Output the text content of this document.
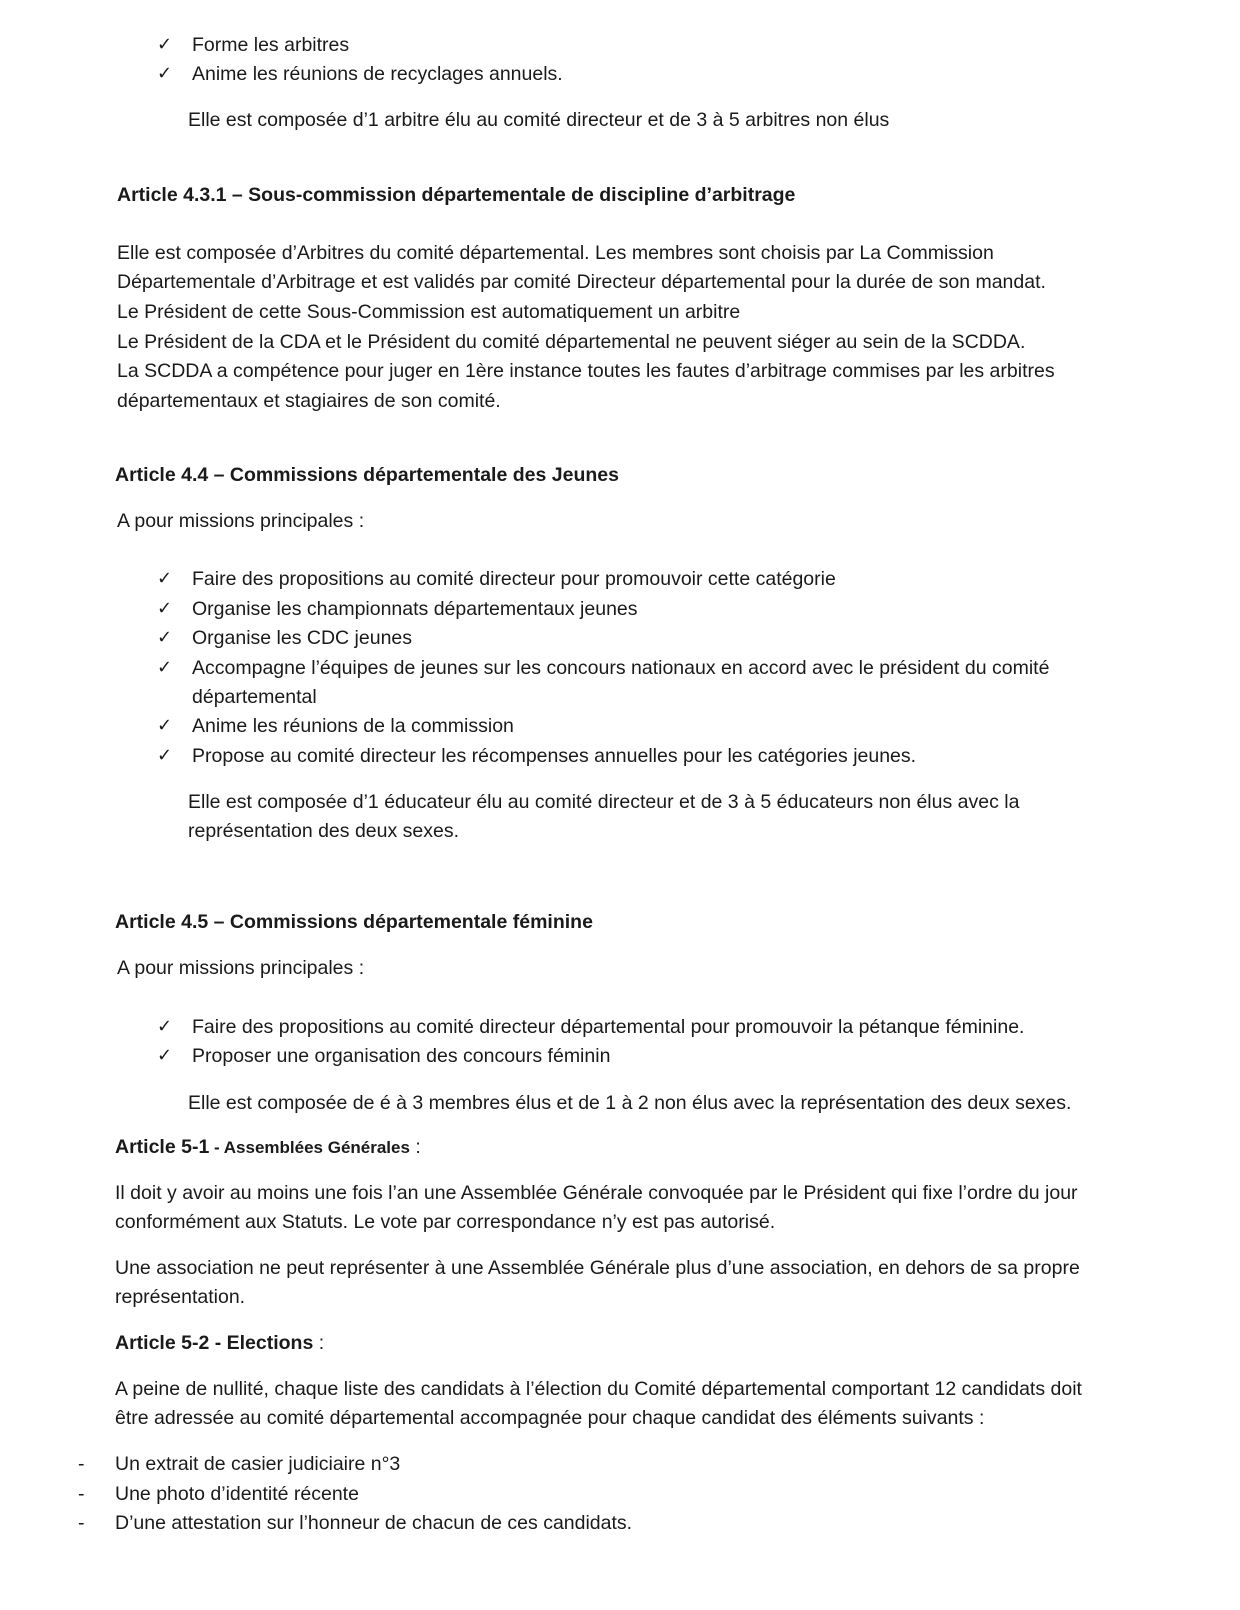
✓ Forme les arbitres
✓ Anime les réunions de recyclages annuels.
Elle est composée d’1 arbitre élu au comité directeur et de 3 à 5 arbitres non élus
Article 4.3.1 – Sous-commission départementale de discipline d’arbitrage
Elle est composée d’Arbitres du comité départemental. Les membres sont choisis par La Commission
Départementale d’Arbitrage et est validés par comité Directeur départemental pour la durée de son mandat.
Le Président de cette Sous-Commission est automatiquement un arbitre
Le Président de la CDA et le Président du comité départemental ne peuvent siéger au sein de la SCDDA.
La SCDDA a compétence pour juger en 1ère instance toutes les fautes d’arbitrage commises par les arbitres
départementaux et stagiaires de son comité.
Article 4.4 – Commissions départementale des Jeunes
A pour missions principales :
✓ Faire des propositions au comité directeur pour promouvoir cette catégorie
✓ Organise les championnats départementaux jeunes
✓ Organise les CDC jeunes
✓ Accompagne l’équipes de jeunes sur les concours nationaux en accord avec le président du comité
départemental
✓ Anime les réunions de la commission
✓ Propose au comité directeur les récompenses annuelles pour les catégories jeunes.
Elle est composée d’1 éducateur élu au comité directeur et de 3 à 5 éducateurs non élus avec la
représentation des deux sexes.
Article 4.5 – Commissions départementale féminine
A pour missions principales :
✓ Faire des propositions au comité directeur départemental pour promouvoir la pétanque féminine.
✓ Proposer une organisation des concours féminin
Elle est composée de é à 3 membres élus et de 1 à 2 non élus avec la représentation des deux sexes.
Article 5-1 - Assemblées Générales :
Il doit y avoir au moins une fois l’an une Assemblée Générale convoquée par le Président qui fixe l’ordre du jour
conformément aux Statuts. Le vote par correspondance n’y est pas autorisé.
Une association ne peut représenter à une Assemblée Générale plus d’une association, en dehors de sa propre
représentation.
Article 5-2 - Elections :
A peine de nullité, chaque liste des candidats à l’élection du Comité départemental comportant 12 candidats doit
être adressée au comité départemental accompagnée pour chaque candidat des éléments suivants :
- Un extrait de casier judiciaire n°3
- Une photo d’identité récente
- D’une attestation sur l’honneur de chacun de ces candidats.
